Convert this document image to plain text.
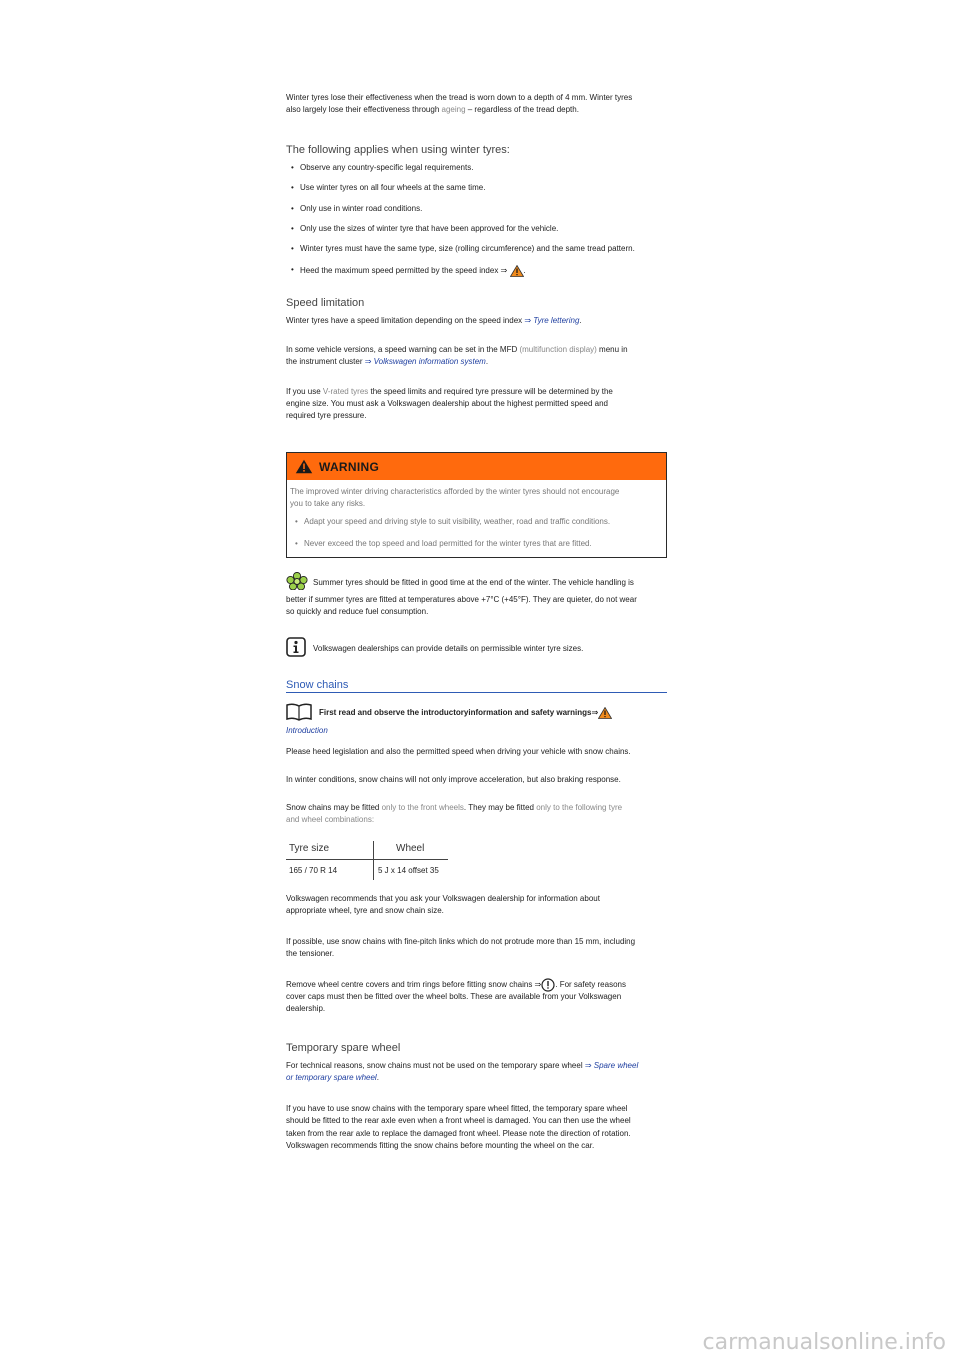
Winter tyres lose their effectiveness when the tread is worn down to a depth of 4 mm. Winter tyres

also largely lose their effectiveness through ageing – regardless of the tread depth.

The following applies when using winter tyres:

• Observe any country-specific legal requirements.
• Use winter tyres on all four wheels at the same time.
• Only use in winter road conditions.
• Only use the sizes of winter tyre that have been approved for the vehicle.
• Winter tyres must have the same type, size (rolling circumference) and the same tread pattern.
• Heed the maximum speed permitted by the speed index ⇒ .

Speed limitation

Winter tyres have a speed limitation depending on the speed index ⇒ Tyre lettering.

In some vehicle versions, a speed warning can be set in the MFD (multifunction display) menu in

the instrument cluster ⇒ Volkswagen information system.

If you use V-rated tyres the speed limits and required tyre pressure will be determined by the

engine size. You must ask a Volkswagen dealership about the highest permitted speed and

required tyre pressure.

WARNING

The improved winter driving characteristics afforded by the winter tyres should not encourage

you to take any risks.

• Adapt your speed and driving style to suit visibility, weather, road and traffic conditions.
• Never exceed the top speed and load permitted for the winter tyres that are fitted.

Summer tyres should be fitted in good time at the end of the winter. The vehicle handling is

better if summer tyres are fitted at temperatures above +7°C (+45°F). They are quieter, do not wear

so quickly and reduce fuel consumption.

Volkswagen dealerships can provide details on permissible winter tyre sizes.

Snow chains

First read and observe the introductoryinformation and safety warnings⇒

Introduction

Please heed legislation and also the permitted speed when driving your vehicle with snow chains.

In winter conditions, snow chains will not only improve acceleration, but also braking response.

Snow chains may be fitted only to the front wheels. They may be fitted only to the following tyre

and wheel combinations:

Tyre size	Wheel
165 / 70 R 14	5 J x 14 offset 35

Volkswagen recommends that you ask your Volkswagen dealership for information about

appropriate wheel, tyre and snow chain size.

If possible, use snow chains with fine-pitch links which do not protrude more than 15 mm, including

the tensioner.

Remove wheel centre covers and trim rings before fitting snow chains ⇒ . For safety reasons

cover caps must then be fitted over the wheel bolts. These are available from your Volkswagen

dealership.

Temporary spare wheel

For technical reasons, snow chains must not be used on the temporary spare wheel ⇒ Spare wheel

or temporary spare wheel.

If you have to use snow chains with the temporary spare wheel fitted, the temporary spare wheel

should be fitted to the rear axle even when a front wheel is damaged. You can then use the wheel

taken from the rear axle to replace the damaged front wheel. Please note the direction of rotation.

Volkswagen recommends fitting the snow chains before mounting the wheel on the car.

carmanualsonline.info
